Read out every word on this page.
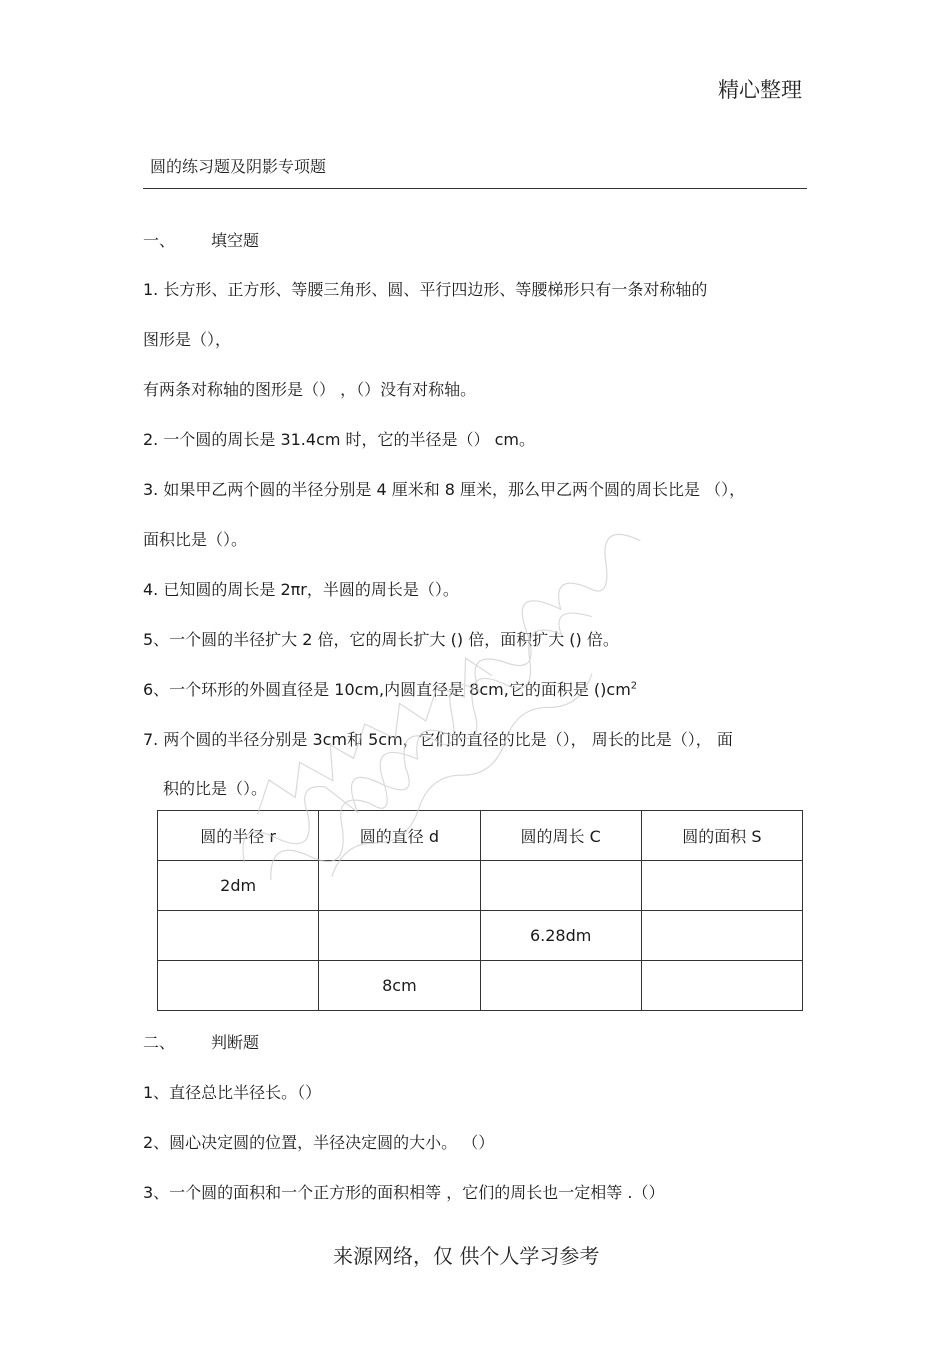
精心整理
圆的练习题及阴影专项题
一、 填空题
1. 长方形、正方形、等腰三角形、圆、平行四边形、等腰梯形只有一条对称轴的
图形是（），
有两条对称轴的图形是（） ，（）没有对称轴。
2. 一个圆的周长是 31.4cm 时，它的半径是（） cm。
3. 如果甲乙两个圆的半径分别是 4 厘米和 8 厘米，那么甲乙两个圆的周长比是 （），
面积比是（）。
4. 已知圆的周长是 2πr，半圆的周长是（）。
5、一个圆的半径扩大 2 倍，它的周长扩大 () 倍，面积扩大 () 倍。
6、一个环形的外圆直径是 10cm,内圆直径是 8cm,它的面积是 $()cm^2$
7. 两个圆的半径分别是 3cm和 5cm，它们的直径的比是（）， 周长的比是（）， 面
积的比是（）。
圆的半径 r	圆的直径 d	圆的周长 C	圆的面积 S
2dm			
		6.28dm	
	8cm		
二、 判断题
1、直径总比半径长。（）
2、圆心决定圆的位置，半径决定圆的大小。 （）
3、一个圆的面积和一个正方形的面积相等 ，它们的周长也一定相等 .（）
来源网络，仅 供个人学习参考
